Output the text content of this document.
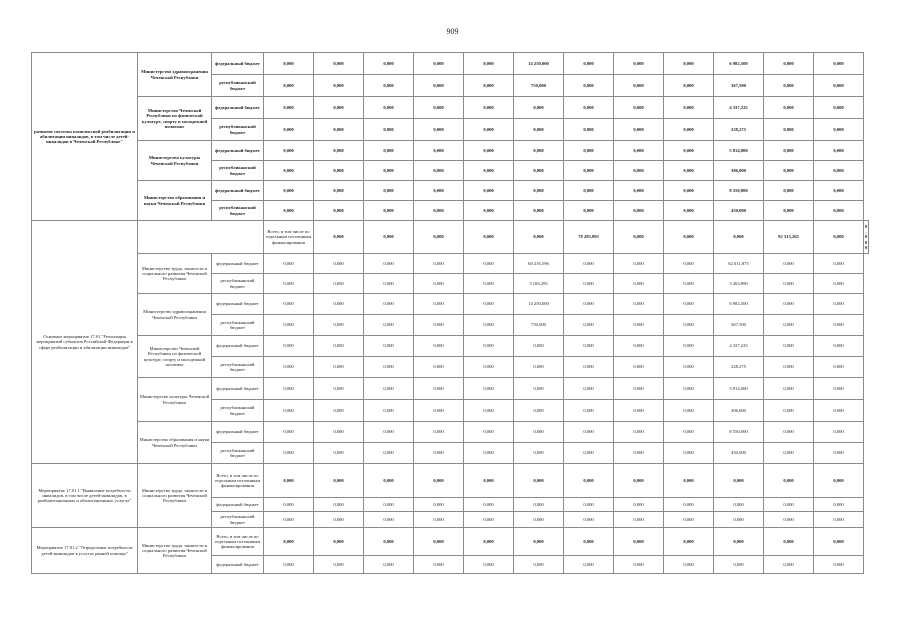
909
развитие системы комплексной реабилитации и абилитации инвалидов, в том числе детей-инвалидов в Чеченской Республике"	Министерство здравоохранения Чеченской Республики	федеральный бюджет	0,000	0,000	0,000	0,000	0,000	14 250,000	0,000	0,000	0,000	6 982,500	0,000	0,000	
		республиканский бюджет	0,000	0,000	0,000	0,000	0,000	750,000	0,000	0,000	0,000	367,500	0,000	0,000	
	Министерство Чеченской Республики по физической культуре, спорту и молодежной политике	федеральный бюджет	0,000	0,000	0,000	0,000	0,000	0,000	0,000	0,000	0,000	4 337,225	0,000	0,000	
		республиканский бюджет	0,000	0,000	0,000	0,000	0,000	0,000	0,000	0,000	0,000	228,275	0,000	0,000	
	Министерство культуры Чеченской Республики	федеральный бюджет	0,000	0,000	0,000	0,000	0,000	0,000	0,000	0,000	0,000	5 814,000	0,000	0,000	
		республиканский бюджет	0,000	0,000	0,000	0,000	0,000	0,000	0,000	0,000	0,000	306,000	0,000	0,000	
	Министерство образования и науки Чеченской Республики	федеральный бюджет	0,000	0,000	0,000	0,000	0,000	0,000	0,000	0,000	0,000	8 550,000	0,000	0,000	
		республиканский бюджет	0,000	0,000	0,000	0,000	0,000	0,000	0,000	0,000	0,000	450,000	0,000	0,000	
Основное мероприятие 17.01 "Реализация мероприятий субъектов Российской Федерации в сфере реабилитации и абилитации инвалидов"			Всего, в том числе по отдельным источникам финансирования	0,000	0,000	0,000	0,000	0,000	78 285,895	0,000	0,000	0,000	92 313,265	0,000	0,000
	Министерство труда, занятости и социального развития Чеченской Республики	федеральный бюджет	0,000	0,000	0,000	0,000	0,000	60 216,596	0,000	0,000	0,000	62 011,875	0,000	0,000	
		республиканский бюджет	0,000	0,000	0,000	0,000	0,000	3 169,295	0,000	0,000	0,000	3 263,890	0,000	0,000	
	Министерство здравоохранения Чеченской Республики	федеральный бюджет	0,000	0,000	0,000	0,000	0,000	14 250,000	0,000	0,000	0,000	6 982,500	0,000	0,000	
		республиканский бюджет	0,000	0,000	0,000	0,000	0,000	750,000	0,000	0,000	0,000	367,500	0,000	0,000	
	Министерство Чеченской Республики по физической культуре, спорту и молодежной политике	федеральный бюджет	0,000	0,000	0,000	0,000	0,000	0,000	0,000	0,000	0,000	4 337,225	0,000	0,000	
		республиканский бюджет	0,000	0,000	0,000	0,000	0,000	0,000	0,000	0,000	0,000	228,275	0,000	0,000	
	Министерство культуры Чеченской Республики	федеральный бюджет	0,000	0,000	0,000	0,000	0,000	0,000	0,000	0,000	0,000	5 814,000	0,000	0,000	
		республиканский бюджет	0,000	0,000	0,000	0,000	0,000	0,000	0,000	0,000	0,000	306,000	0,000	0,000	
	Министерство образования и науки Чеченской Республики	федеральный бюджет	0,000	0,000	0,000	0,000	0,000	0,000	0,000	0,000	0,000	8 550,000	0,000	0,000	
		республиканский бюджет	0,000	0,000	0,000	0,000	0,000	0,000	0,000	0,000	0,000	450,000	0,000	0,000	
Мероприятие 17.01.1 "Выявление потребности инвалидов, в том числе детей-инвалидов, в реабилитационных и абилитационных услугах"	Министерство труда, занятости и социального развития Чеченской Республики	Всего, в том числе по отдельным источникам финансирования	0,000	0,000	0,000	0,000	0,000	0,000	0,000	0,000	0,000	0,000	0,000	0,000	
		федеральный бюджет	0,000	0,000	0,000	0,000	0,000	0,000	0,000	0,000	0,000	0,000	0,000	0,000	
		республиканский бюджет	0,000	0,000	0,000	0,000	0,000	0,000	0,000	0,000	0,000	0,000	0,000	0,000	
Мероприятие 17.01.2 "Определение потребности детей-инвалидов в услугах ранней помощи"	Министерство труда, занятости и социального развития Чеченской Республики	Всего, в том числе по отдельным источникам финансирования	0,000	0,000	0,000	0,000	0,000	0,000	0,000	0,000	0,000	0,000	0,000	0,000	
		федеральный бюджет	0,000	0,000	0,000	0,000	0,000	0,000	0,000	0,000	0,000	0,000	0,000	0,000	
